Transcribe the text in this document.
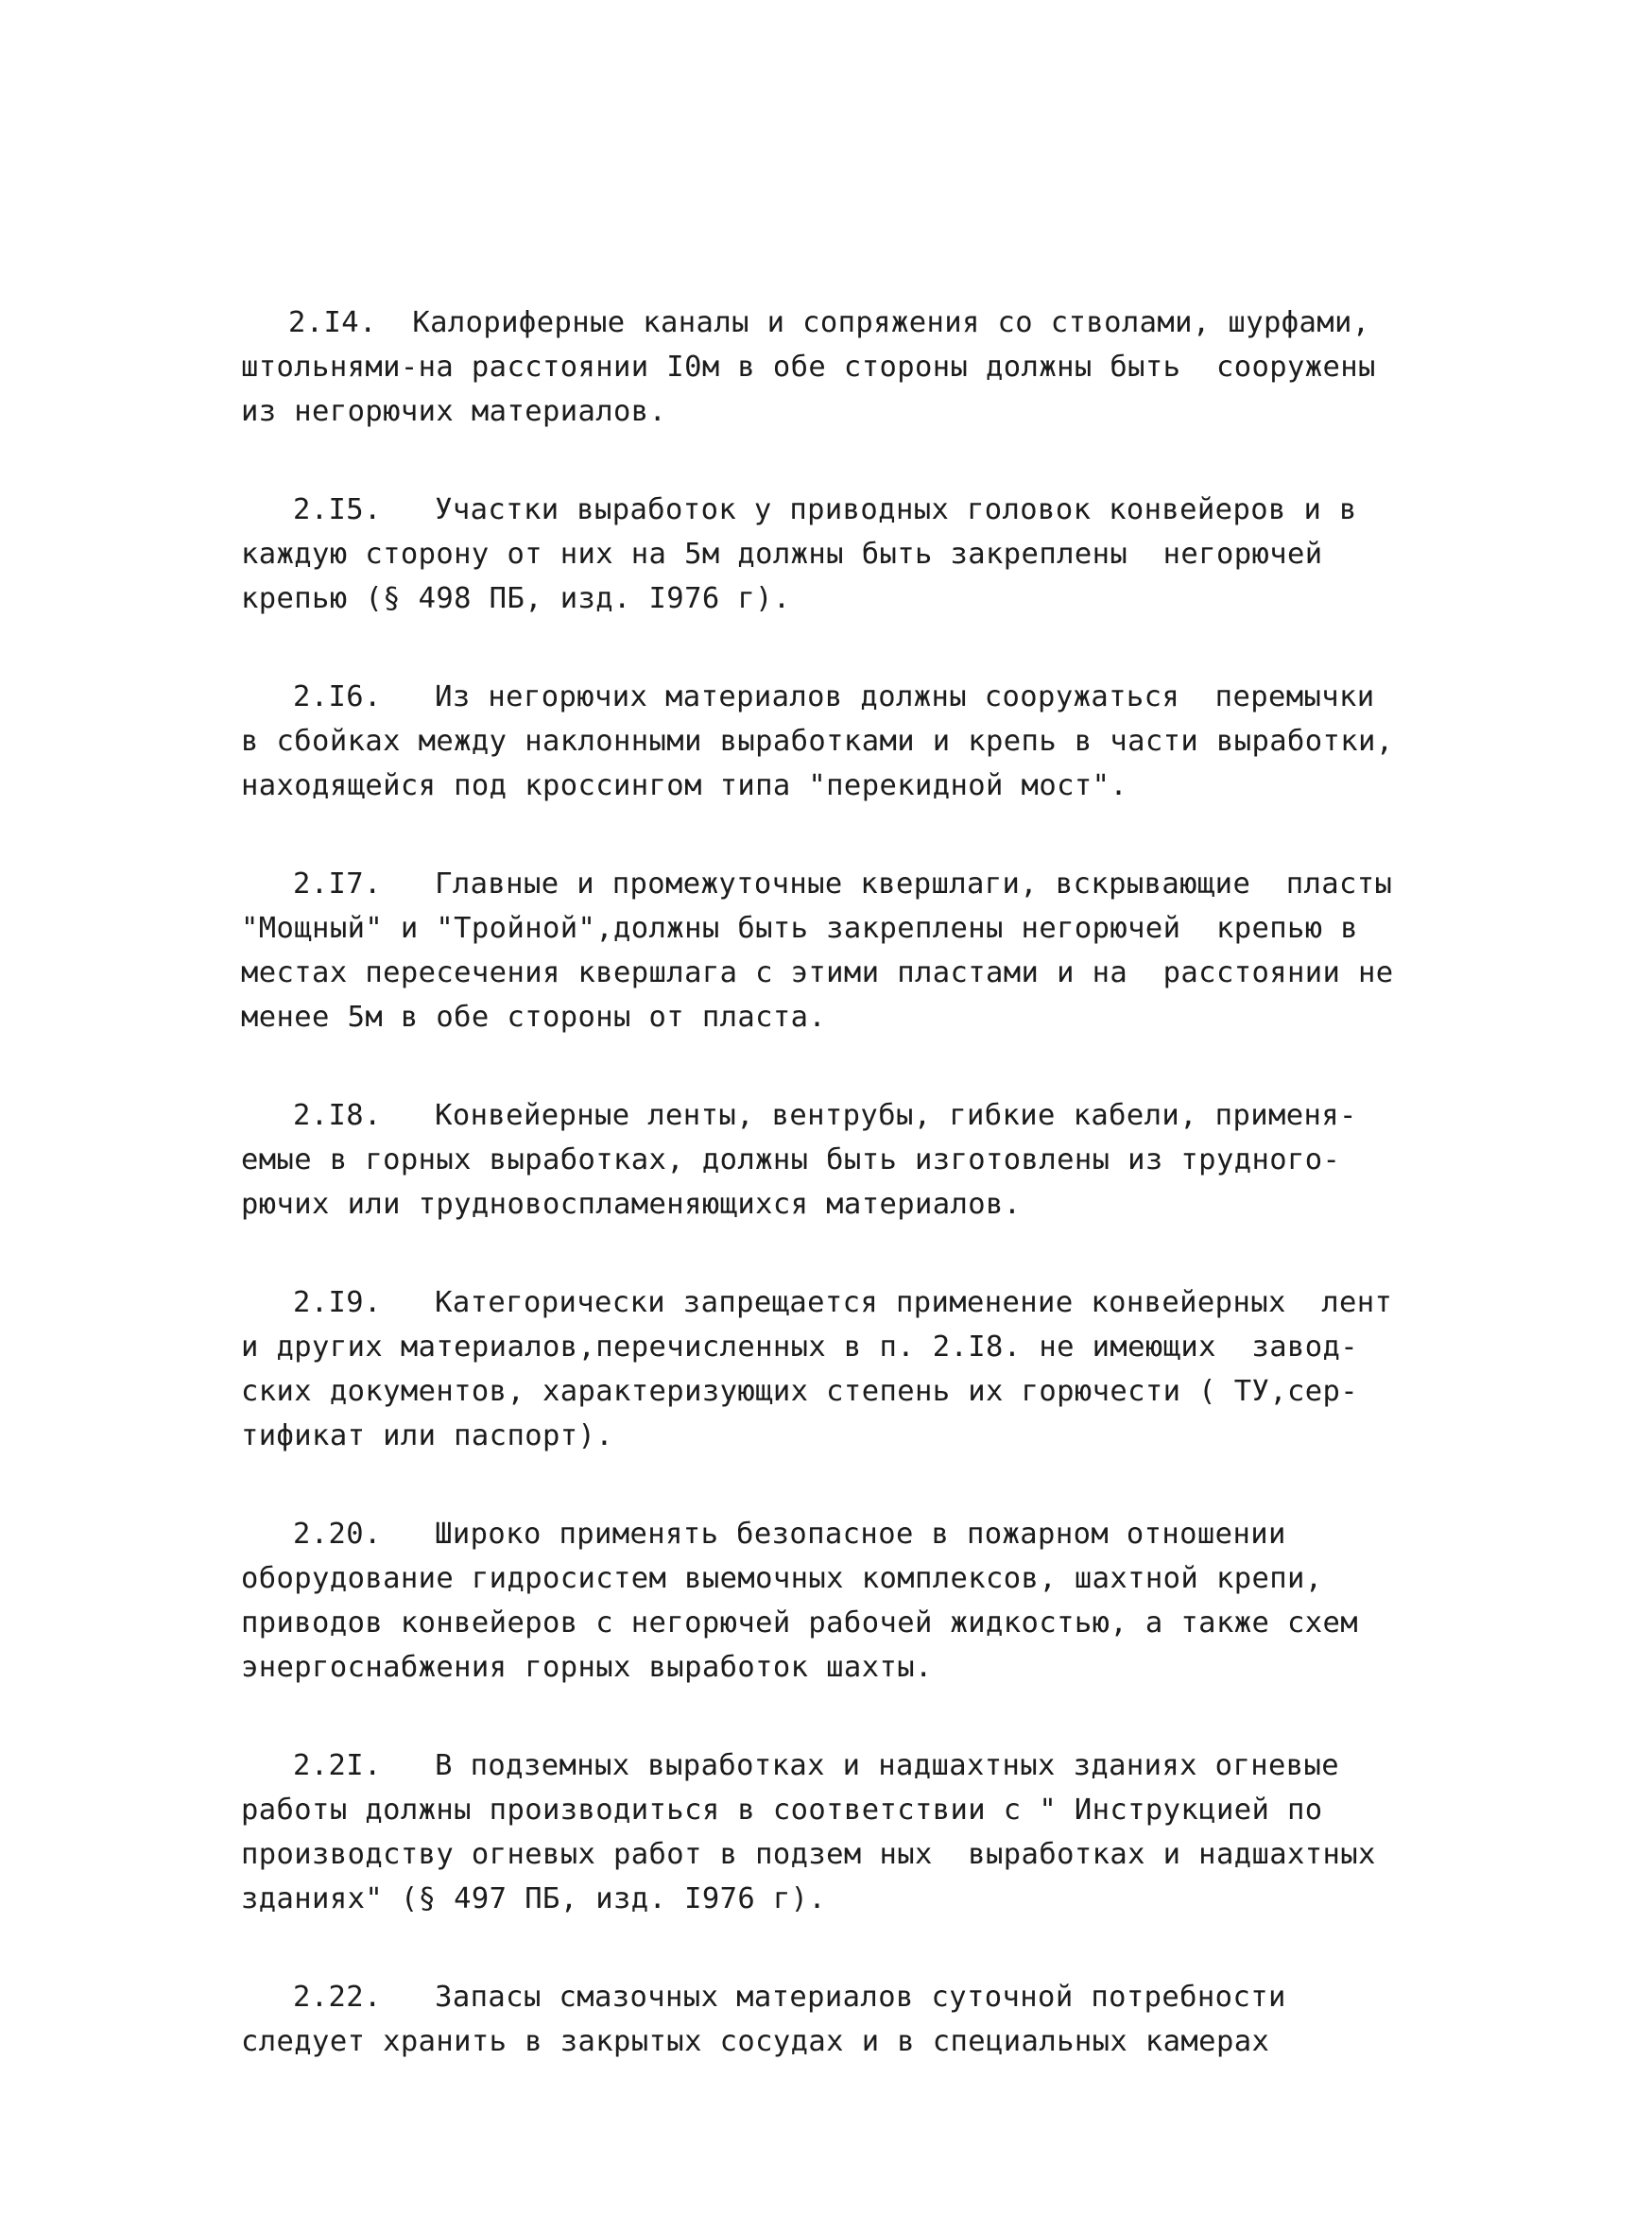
2.I4. Калориферные каналы и сопряжения со стволами, шурфами,
штольнями-на расстоянии I0м в обе стороны должны быть  сооружены
из негорючих материалов.
2.I5. Участки выработок у приводных головок конвейеров и в
каждую сторону от них на 5м должны быть закреплены  негорючей
крепью (§ 498 ПБ, изд. I976 г).
2.I6. Из негорючих материалов должны сооружаться  перемычки
в сбойках между наклонными выработками и крепь в части выработки,
находящейся под кроссингом типа "перекидной мост".
2.I7. Главные и промежуточные квершлаги, вскрывающие  пласты
"Мощный" и "Тройной",должны быть закреплены негорючей  крепью в
местах пересечения квершлага с этими пластами и на  расстоянии не
менее 5м в обе стороны от пласта.
2.I8. Конвейерные ленты, вентрубы, гибкие кабели, применя-
емые в горных выработках, должны быть изготовлены из трудного-
рючих или трудновоспламеняющихся материалов.
2.I9. Категорически запрещается применение конвейерных  лент
и других материалов,перечисленных в п. 2.I8. не имеющих  завод-
ских документов, характеризующих степень их горючести ( ТУ,сер-
тификат или паспорт).
2.20. Широко применять безопасное в пожарном отношении
оборудование гидросистем выемочных комплексов, шахтной крепи,
приводов конвейеров с негорючей рабочей жидкостью, а также схем
энергоснабжения горных выработок шахты.
2.2I. В подземных выработках и надшахтных зданиях огневые
работы должны производиться в соответствии с " Инструкцией по
производству огневых работ в подзем ных  выработках и надшахтных
зданиях" (§ 497 ПБ, изд. I976 г).
2.22. Запасы смазочных материалов суточной потребности
следует хранить в закрытых сосудах и в специальных камерах
